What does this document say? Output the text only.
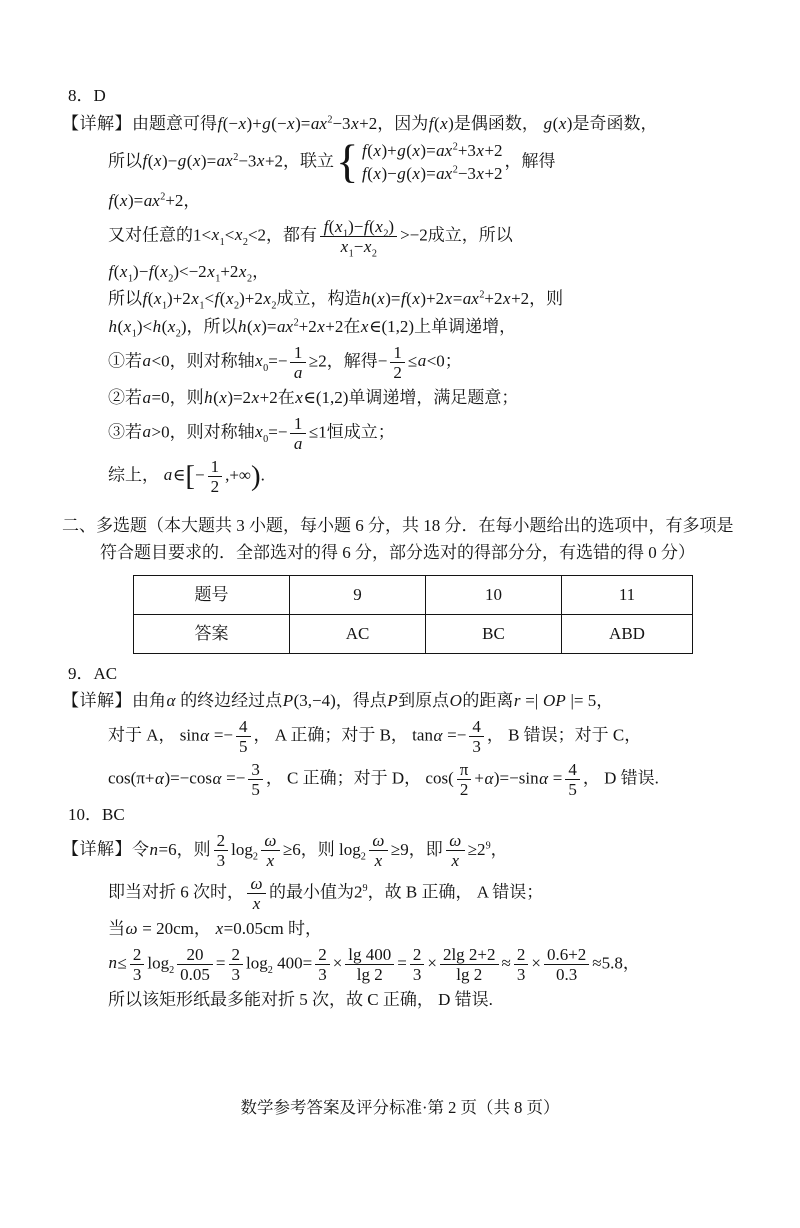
8．D
【详解】由题意可得$f(-x)+g(-x)=ax^2-3x+2$，因为f(x)是偶函数， g(x)是奇函数，
所以$f(x)-g(x)=ax^2-3x+2$，联立 { $f(x)+g(x)=ax^2+3x+2$
$f(x)-g(x)=ax^2-3x+2$
，解得
$f(x)=ax^2+2$，
又对任意的$1<x_1<x_2<2$，都有 $\frac{f(x_1)-f(x_2)}{x_1-x_2} >-2$成立，所以
$f(x_1)-f(x_2)<-2x_1+2x_2$，
所以$f(x_1)+2x_1<f(x_2)+2x_2$成立，构造$h(x)=f(x)+2x=ax^2+2x+2$，则
$h(x_1)<h(x_2)$，所以$h(x)=ax^2+2x+2$在x∈(1,2)上单调递增，
①若a<0，则对称轴$x_0=- \frac{1}{a} \ge 2$，解得− $\frac{1}{2} \le a<0$；
②若a=0，则h(x)=2x+2在x∈(1,2)单调递增，满足题意；
③若a>0，则对称轴$x_0=- \frac{1}{a} \le 1$恒成立；
综上， a∈[− $\frac{1}{2}$ ,+∞).
二、多选题（本大题共 3 小题，每小题 6 分，共 18 分．在每小题给出的选项中，有多项是
符合题目要求的．全部选对的得 6 分，部分选对的得部分分，有选错的得 0 分）
题号	9	10	11
答案	AC	BC	ABD
9．AC
【详解】由角α 的终边经过点P(3,−4)，得点P到原点O的距离r =| OP |= 5，
对于 A， $\sin\alpha =- \frac{4}{5}$ ， A 正确；对于 B， $\tan\alpha =- \frac{4}{3}$ ， B 错误；对于 C，
$\cos(\pi+\alpha)=-\cos\alpha =- \frac{3}{5}$ ， C 正确；对于 D， $\cos( \frac{\pi}{2} +\alpha)=-\sin\alpha = \frac{4}{5}$ ， D 错误.
10．BC
【详解】令n=6，则 $\frac{2}{3} \log_2 \frac{\omega}{x} \ge 6$，则 $\log_2 \frac{\omega}{x} \ge 9$，即 $\frac{\omega}{x} \ge 2^9$，
即当对折 6 次时， $\frac{\omega}{x}$ 的最小值为$2^9$，故 B 正确， A 错误；
当ω = 20cm， x=0.05cm 时，
$n\le \frac{2}{3} \log_2 \frac{20}{0.05} = \frac{2}{3} \log_2 400= \frac{2}{3} \times \frac{\lg 400}{\lg 2} = \frac{2}{3} \times \frac{2\lg 2+2}{\lg 2} \approx \frac{2}{3} \times \frac{0.6+2}{0.3} \approx 5.8$，
所以该矩形纸最多能对折 5 次，故 C 正确， D 错误.
数学参考答案及评分标准·第 2 页（共 8 页）
